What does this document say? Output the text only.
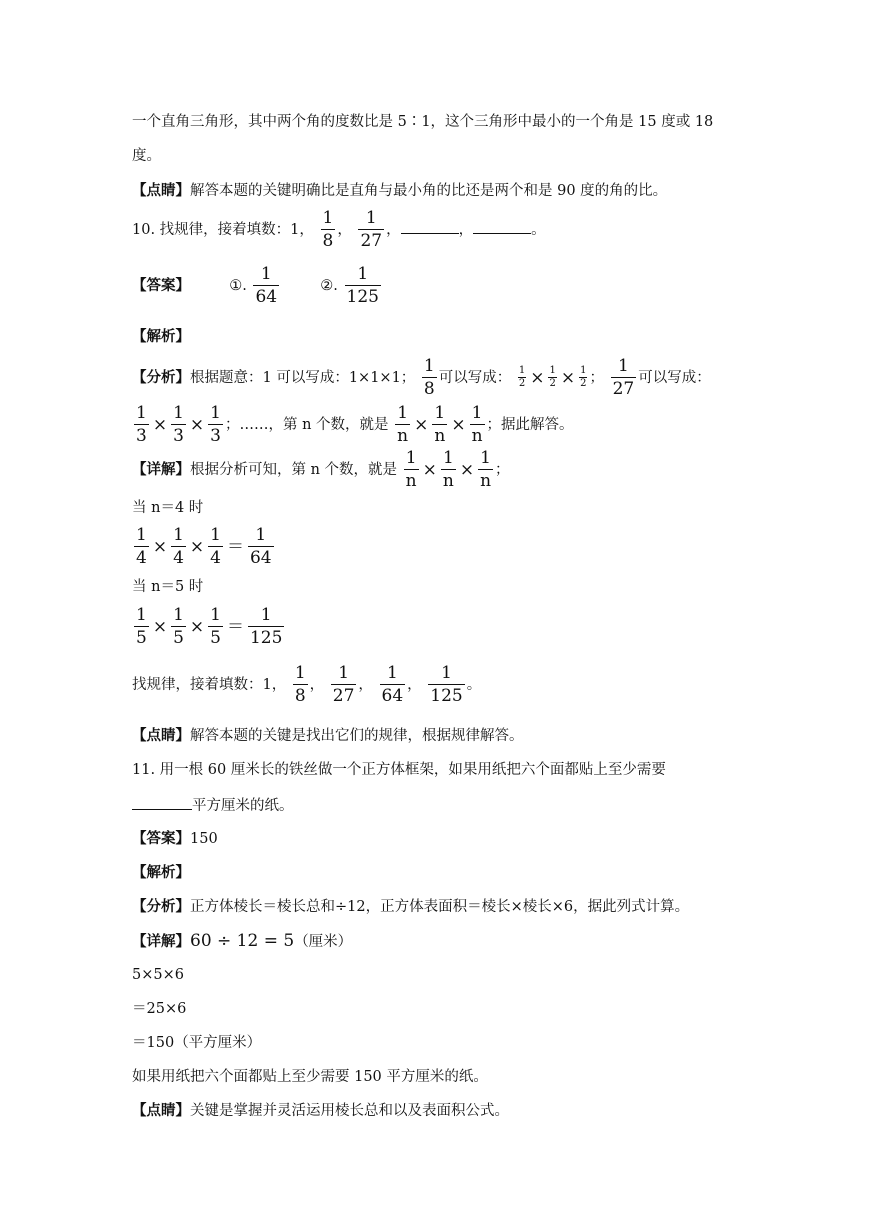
一个直角三角形，其中两个角的度数比是 5∶1，这个三角形中最小的一个角是 15 度或 18
度。
【点睛】解答本题的关键明确比是直角与最小角的比还是两个和是 90 度的角的比。
10. 找规律，接着填数：1， $\frac{1}{8}$ ， $\frac{1}{27}$ ，	，	。
【答案】	①. $\frac{1}{64}$	②. $\frac{1}{125}$
【解析】
【分析】根据题意：1 可以写成：1×1×1； $\frac{1}{8}$ 可以写成： $\frac{1}{2} \times \frac{1}{2} \times \frac{1}{2}$ ； $\frac{1}{27}$ 可以写成：
$\frac{1}{3} \times \frac{1}{3} \times \frac{1}{3}$ ；……，第 n 个数，就是 $\frac{1}{n} \times \frac{1}{n} \times \frac{1}{n}$ ；据此解答。
【详解】根据分析可知，第 n 个数，就是 $\frac{1}{n} \times \frac{1}{n} \times \frac{1}{n}$ ；
当 n＝4 时
$\frac{1}{4} \times \frac{1}{4} \times \frac{1}{4} = \frac{1}{64}$
当 n＝5 时
$\frac{1}{5} \times \frac{1}{5} \times \frac{1}{5} = \frac{1}{125}$
找规律，接着填数：1， $\frac{1}{8}$ ， $\frac{1}{27}$ ， $\frac{1}{64}$ ， $\frac{1}{125}$ 。
【点睛】解答本题的关键是找出它们的规律，根据规律解答。
11. 用一根 60 厘米长的铁丝做一个正方体框架，如果用纸把六个面都贴上至少需要
平方厘米的纸。
【答案】150
【解析】
【分析】正方体棱长＝棱长总和÷12，正方体表面积＝棱长×棱长×6，据此列式计算。
【详解】60 ÷ 12 = 5（厘米）
5×5×6
＝25×6
＝150（平方厘米）
如果用纸把六个面都贴上至少需要 150 平方厘米的纸。
【点睛】关键是掌握并灵活运用棱长总和以及表面积公式。
